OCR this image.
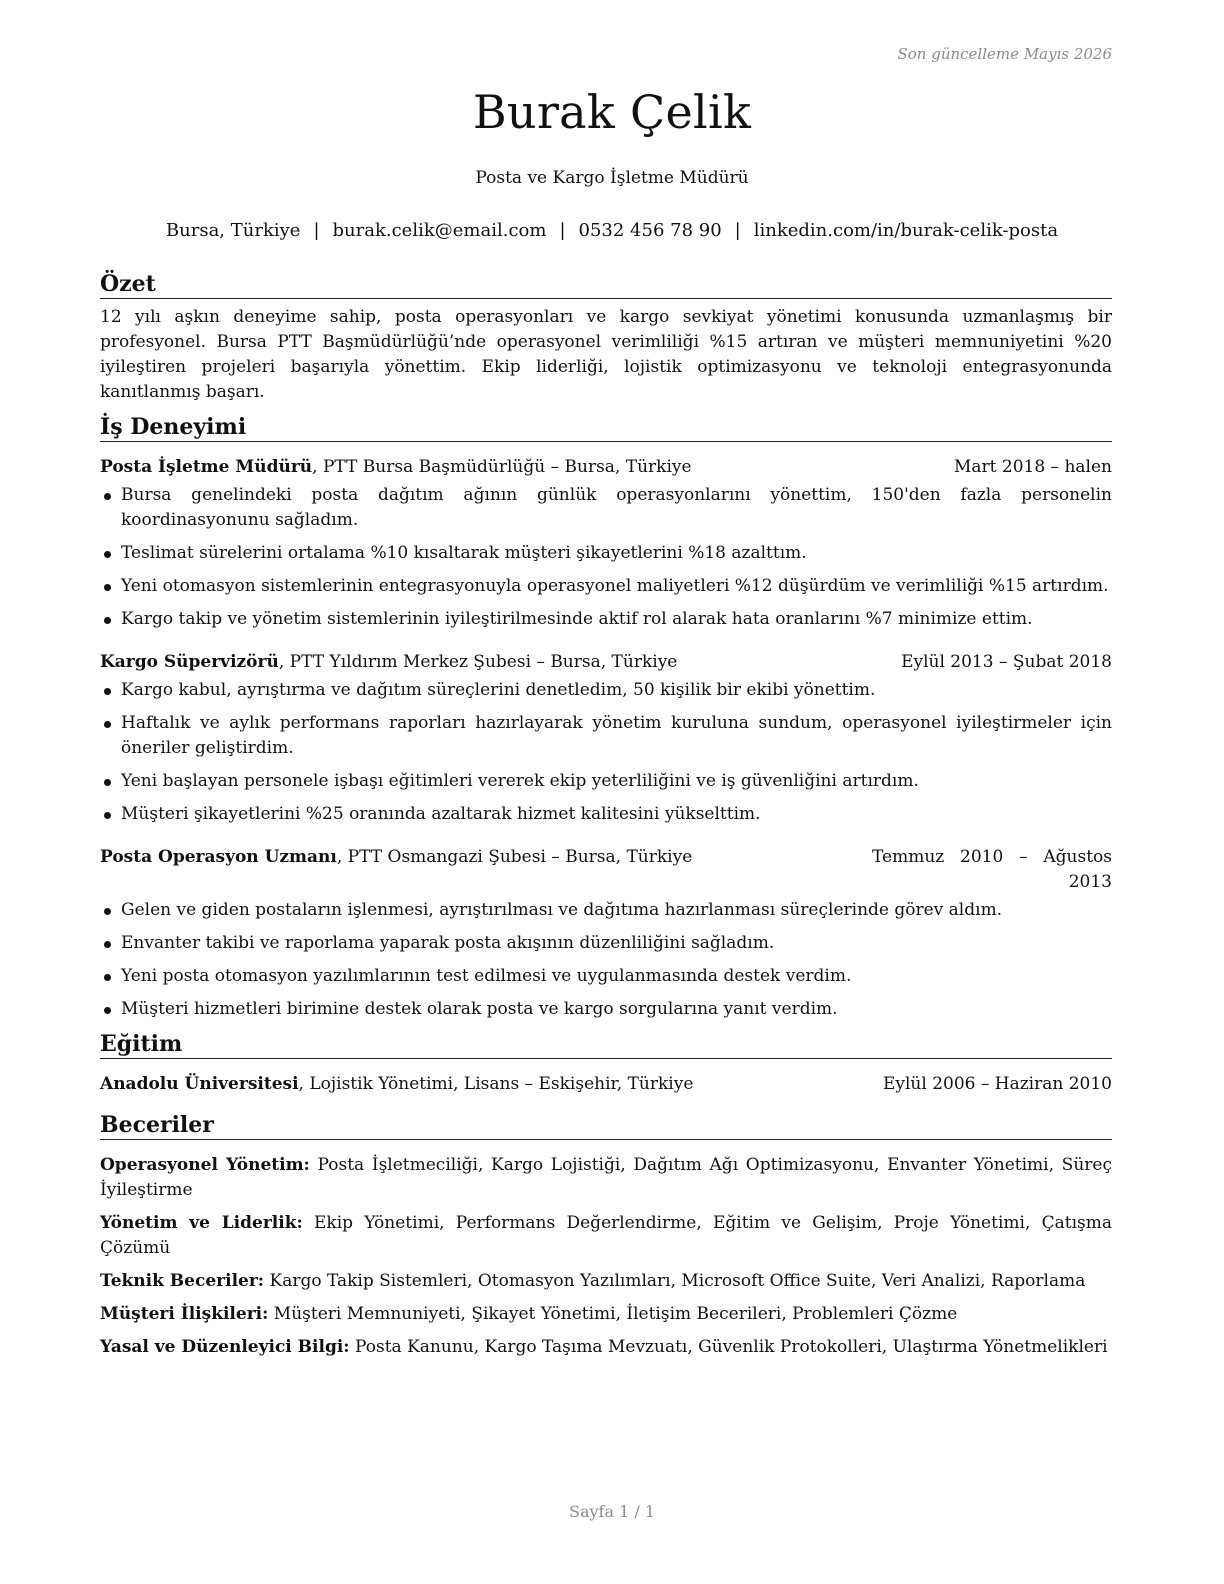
Son güncelleme Mayıs 2026
Burak Çelik
Posta ve Kargo İşletme Müdürü
Bursa, Türkiye | burak.celik@email.com | 0532 456 78 90 | linkedin.com/in/burak-celik-posta
Özet

12 yılı aşkın deneyime sahip, posta operasyonları ve kargo sevkiyat yönetimi konusunda uzmanlaşmış bir profesyonel. Bursa PTT Başmüdürlüğü’nde operasyonel verimliliği %15 artıran ve müşteri memnuniyetini %20 iyileştiren projeleri başarıyla yönettim. Ekip liderliği, lojistik optimizasyonu ve teknoloji entegrasyonunda kanıtlanmış başarı.

İş Deneyimi
Posta İşletme Müdürü, PTT Bursa Başmüdürlüğü – Bursa, Türkiye	Mart 2018 – halen
Bursa genelindeki posta dağıtım ağının günlük operasyonlarını yönettim, 150'den fazla personelin koordinasyonunu sağladım.
Teslimat sürelerini ortalama %10 kısaltarak müşteri şikayetlerini %18 azalttım.
Yeni otomasyon sistemlerinin entegrasyonuyla operasyonel maliyetleri %12 düşürdüm ve verimliliği %15 artırdım.
Kargo takip ve yönetim sistemlerinin iyileştirilmesinde aktif rol alarak hata oranlarını %7 minimize ettim.
Kargo Süpervizörü, PTT Yıldırım Merkez Şubesi – Bursa, Türkiye	Eylül 2013 – Şubat 2018
Kargo kabul, ayrıştırma ve dağıtım süreçlerini denetledim, 50 kişilik bir ekibi yönettim.
Haftalık ve aylık performans raporları hazırlayarak yönetim kuruluna sundum, operasyonel iyileştirmeler için öneriler geliştirdim.
Yeni başlayan personele işbaşı eğitimleri vererek ekip yeterliliğini ve iş güvenliğini artırdım.
Müşteri şikayetlerini %25 oranında azaltarak hizmet kalitesini yükselttim.
Posta Operasyon Uzmanı, PTT Osmangazi Şubesi – Bursa, Türkiye	Temmuz 2010 – Ağustos 2013
Gelen ve giden postaların işlenmesi, ayrıştırılması ve dağıtıma hazırlanması süreçlerinde görev aldım.
Envanter takibi ve raporlama yaparak posta akışının düzenliliğini sağladım.
Yeni posta otomasyon yazılımlarının test edilmesi ve uygulanmasında destek verdim.
Müşteri hizmetleri birimine destek olarak posta ve kargo sorgularına yanıt verdim.
Eğitim
Anadolu Üniversitesi, Lojistik Yönetimi, Lisans – Eskişehir, Türkiye	Eylül 2006 – Haziran 2010
Beceriler

Operasyonel Yönetim: Posta İşletmeciliği, Kargo Lojistiği, Dağıtım Ağı Optimizasyonu, Envanter Yönetimi, Süreç İyileştirme

Yönetim ve Liderlik: Ekip Yönetimi, Performans Değerlendirme, Eğitim ve Gelişim, Proje Yönetimi, Çatışma Çözümü

Teknik Beceriler: Kargo Takip Sistemleri, Otomasyon Yazılımları, Microsoft Office Suite, Veri Analizi, Raporlama

Müşteri İlişkileri: Müşteri Memnuniyeti, Şikayet Yönetimi, İletişim Becerileri, Problemleri Çözme

Yasal ve Düzenleyici Bilgi: Posta Kanunu, Kargo Taşıma Mevzuatı, Güvenlik Protokolleri, Ulaştırma Yönetmelikleri

Sayfa 1 / 1
